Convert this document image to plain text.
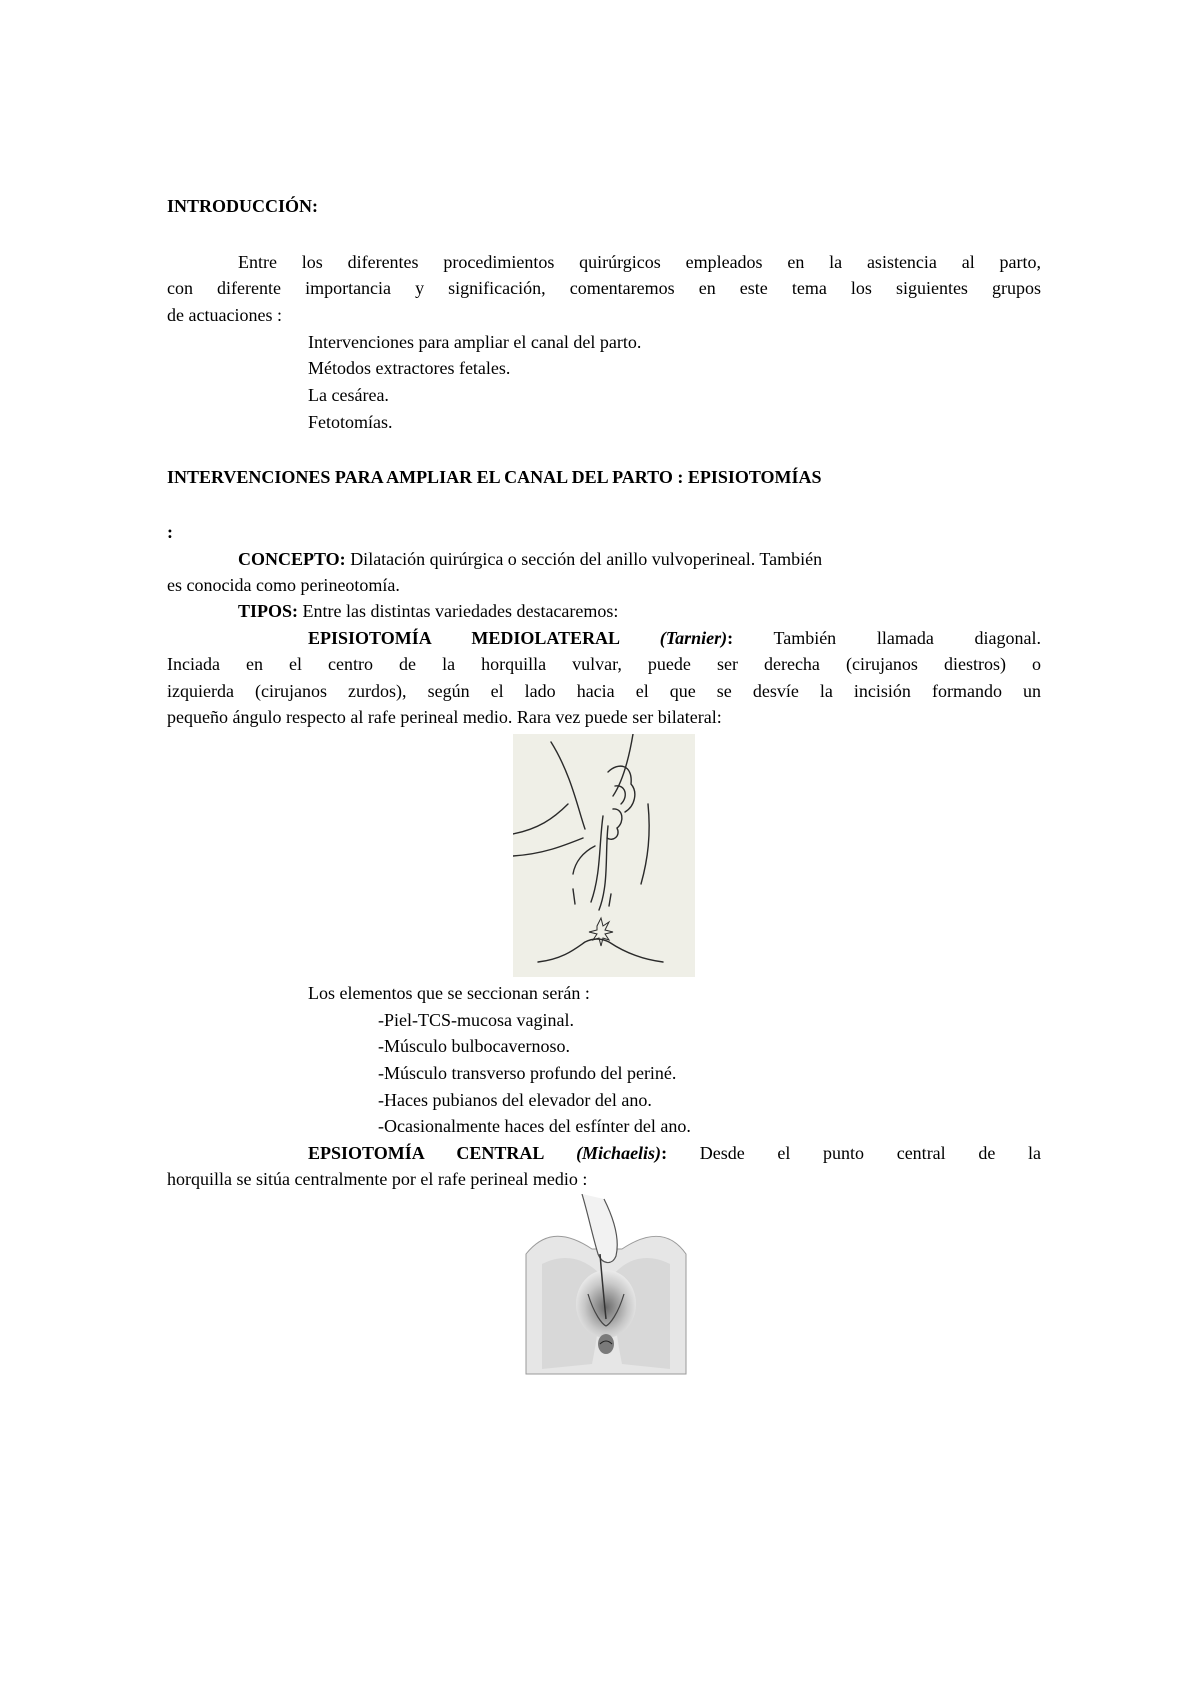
INTRODUCCIÓN:
Entre los diferentes procedimientos quirúrgicos empleados en la asistencia al parto,
con diferente importancia y significación, comentaremos en este tema los siguientes grupos
de actuaciones :
Intervenciones para ampliar el canal del parto.
Métodos extractores fetales.
La cesárea.
Fetotomías.
INTERVENCIONES PARA AMPLIAR EL CANAL DEL PARTO : EPISIOTOMÍAS
:
CONCEPTO: Dilatación quirúrgica o sección del anillo vulvoperineal. También
es conocida como perineotomía.
TIPOS: Entre las distintas variedades destacaremos:
EPISIOTOMÍA MEDIOLATERAL (Tarnier): También llamada diagonal.
Inciada en el centro de la horquilla vulvar, puede ser derecha (cirujanos diestros) o
izquierda (cirujanos zurdos), según el lado hacia el que se desvíe la incisión formando un
pequeño ángulo respecto al rafe perineal medio. Rara vez puede ser bilateral:
Los elementos que se seccionan serán :
-Piel-TCS-mucosa vaginal.
-Músculo bulbocavernoso.
-Músculo transverso profundo del periné.
-Haces pubianos del elevador del ano.
-Ocasionalmente haces del esfínter del ano.
EPSIOTOMÍA CENTRAL (Michaelis): Desde el punto central de la
horquilla se sitúa centralmente por el rafe perineal medio :
